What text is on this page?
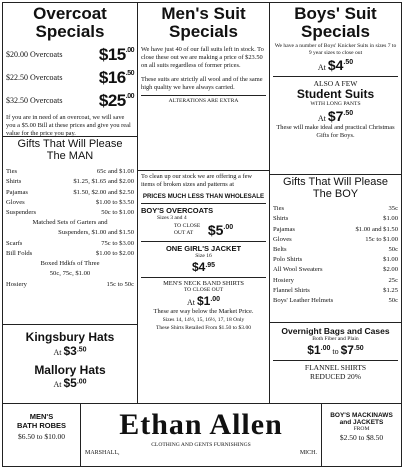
Overcoat
Specials
$20.00 Overcoats $\$15^{.00}$
$22.50 Overcoats $\$16^{.50}$
$32.50 Overcoats $\$25^{.00}$
If you are in need of an overcoat, we will save you a $5.00 Bill at these prices and give you real value for the price you pay.
Gifts That Will Please
The MAN
Ties	65c and $1.00
Shirts	$1.25, $1.65 and $2.00
Pajamas	$1.50, $2.00 and $2.50
Gloves	$1.00 to $3.50
Suspenders	50c to $1.00
Matched Sets of Garters and
Suspenders, $1.00 and $1.50
Scarfs	75c to $3.00
Bill Folds	$1.00 to $2.00
Boxed Hdkfs of Three
50c, 75c, $1.00
Hosiery	15c to 50c
Kingsbury Hats
At $\$3^{.50}$
Mallory Hats
At $\$5^{.00}$
Men's Suit
Specials
We have just 40 of our fall suits left in stock. To close these out we are making a price of $23.50 on all suits regardless of former prices.
These suits are strictly all wool and of the same high quality we have always carried.
ALTERATIONS ARE EXTRA
To clean up our stock we are offering a few items of broken sizes and patterns at
PRICES MUCH LESS THAN WHOLESALE
BOY'S OVERCOATS
Sizes 3 and 4
TO CLOSE OUT AT	$\$5^{.00}$
ONE GIRL'S JACKET
Size 16
$\$4^{.95}$
MEN'S NECK BAND SHIRTS
TO CLOSE OUT
At $\$1^{.00}$
These are way below the Market Price.
Sizes 14, 14½, 15, 16½, 17, 18 Only
These Shirts Retailed From $1.50 to $3.00
Boys' Suit
Specials
We have a number of Boys' Knicker Suits in sizes 7 to 9 year sizes to close out
At $\$4^{.50}$
ALSO A FEW
Student Suits
WITH LONG PANTS
At $\$7^{.50}$
These will make ideal and practical Christmas Gifts for Boys.
Gifts That Will Please
The BOY
Ties	35c
Shirts	$1.00
Pajamas	$1.00 and $1.50
Gloves	15c to $1.00
Belts	50c
Polo Shirts	$1.00
All Wool Sweaters	$2.00
Hosiery	25c
Flannel Shirts	$1.25
Boys' Leather Helmets	50c
Overnight Bags and Cases
Both Fiber and Plain
$\$1^{.00}$ to $\$7^{.50}$
FLANNEL SHIRTS
REDUCED 20%
MEN'S
BATH ROBES
$6.50 to $10.00	Ethan Allen
CLOTHING AND GENTS FURNISHINGS
MARSHALL,	MICH.
BOY'S MACKINAWS
and JACKETS
FROM
$2.50 to $8.50
